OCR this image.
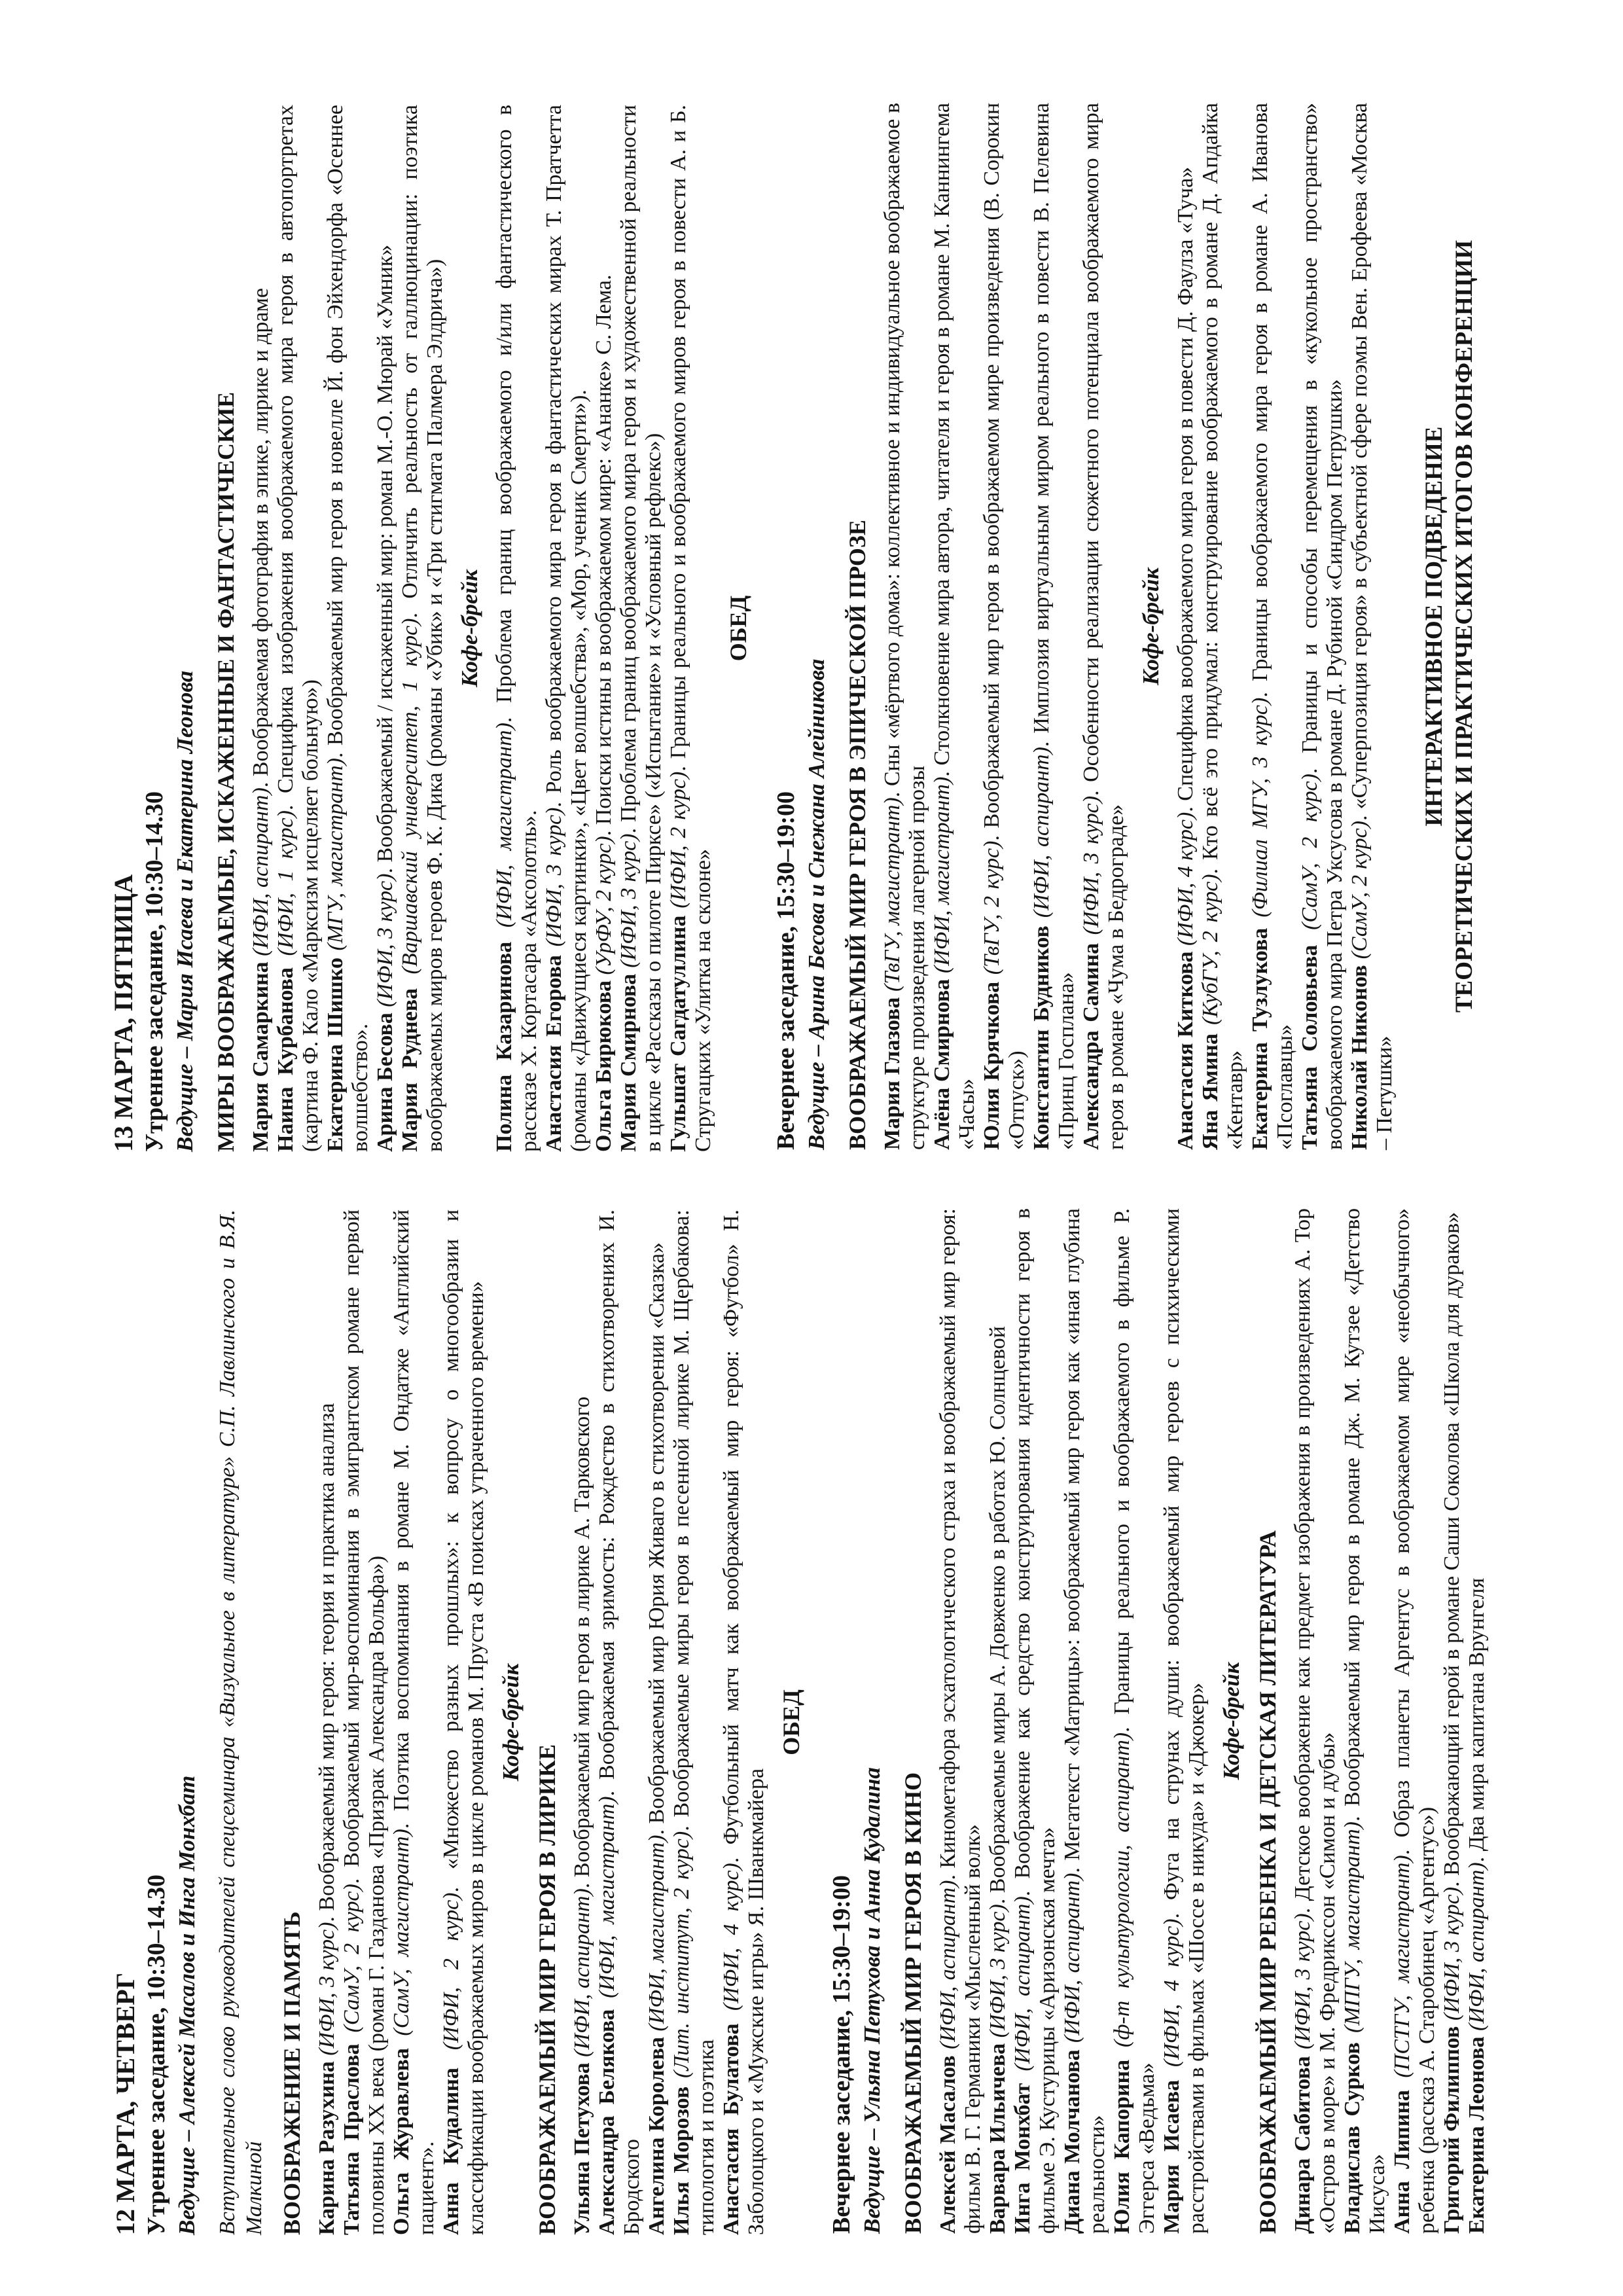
13 МАРТА, ПЯТНИЦА Утреннее заседание, 10:30–14.30 Ведущие – Мария Исаева и Екатерина Леонова МИРЫ ВООБРАЖАЕМЫЕ, ИСКАЖЕННЫЕ И ФАНТАСТИЧЕСКИЕ Мария Самаркина (ИФИ, аспирант). Воображаемая фотография в эпике, лирике и драме

Наина Курбанова (ИФИ, 1 курс). Специфика изображения воображаемого мира героя в автопортретах (картина Ф. Кало «Марксизм исцеляет больную») Екатерина Шишко (МГУ, магистрант). Воображаемый мир героя в новелле Й. фон Эйхендорфа «Осеннее волшебство». Арина Бесова (ИФИ, 3 курс). Воображаемый / искаженный мир: роман М.-О. Мюрай «Умник»

Мария Руднева (Варшавский университет, 1 курс). Отличить реальность от галлюцинации: поэтика воображаемых миров героев Ф. К. Дика (романы «Убик» и «Три стигмата Палмера Элдрича») Кофе-брейк

Полина Казаринова (ИФИ, магистрант). Проблема границ воображаемого и/или фантастического в рассказе Х. Кортасара «Аксолотль». Анастасия Егорова (ИФИ, 3 курс). Роль воображаемого мира героя в фантастических мирах Т. Пратчетта (романы «Движущиеся картинки», «Цвет волшебства», «Мор, ученик Смерти»). Ольга Бирюкова (УрФУ, 2 курс). Поиски истины в воображаемом мире: «Ананке» С. Лема.

Мария Смирнова (ИФИ, 3 курс). Проблема границ воображаемого мира героя и художественной реальности в цикле «Рассказы о пилоте Пирксе» («Испытание» и «Условный рефлекс») Гульшат Сагдатуллина (ИФИ, 2 курс). Границы реального и воображаемого миров героя в повести А. и Б. Стругацких «Улитка на склоне»

ОБЕД

Вечернее заседание, 15:30–19:00 Ведущие – Арина Бесова и Снежана Алейникова ВООБРАЖАЕМЫЙ МИР ГЕРОЯ В ЭПИЧЕСКОЙ ПРОЗЕ Мария Глазова (ТвГУ, магистрант). Сны «мёртвого дома»: коллективное и индивидуальное воображаемое в структуре произведения лагерной прозы Алёна Смирнова (ИФИ, магистрант). Столкновение мира автора, читателя и героя в романе М. Каннингема «Часы» Юлия Крячкова (ТвГУ, 2 курс). Воображаемый мир героя в воображаемом мире произведения (В. Сорокин «Отпуск») Константин Будников (ИФИ, аспирант). Имплозия виртуальным миром реального в повести В. Пелевина «Принц Госплана» Александра Самина (ИФИ, 3 курс). Особенности реализации сюжетного потенциала воображаемого мира героя в романе «Чума в Бедрограде»

Кофе-брейк

Анастасия Киткова (ИФИ, 4 курс). Специфика воображаемого мира героя в повести Д. Фаулза «Туча»

Яна Ямина (КубГУ, 2 курс). Кто всё это придумал: конструирование воображаемого в романе Д. Апдайка «Кентавр» Екатерина Тузлукова (Филиал МГУ, 3 курс). Границы воображаемого мира героя в романе А. Иванова «Псоглавцы» Татьяна Соловьева (СамУ, 2 курс). Границы и способы перемещения в «кукольное пространство» воображаемого мира Петра Уксусова в романе Д. Рубиной «Синдром Петрушки» Николай Никонов (СамУ, 2 курс). «Суперпозиция героя» в субъектной сфере поэмы Вен. Ерофеева «Москва – Петушки»

ИНТЕРАКТИВНОЕ ПОДВЕДЕНИЕ ТЕОРЕТИЧЕСКИХ И ПРАКТИЧЕСКИХ ИТОГОВ КОНФЕРЕНЦИИ

12 МАРТА, ЧЕТВЕРГ Утреннее заседание, 10:30–14.30 Ведущие – Алексей Масалов и Инга Монхбат Вступительное слово руководителей спецсеминара «Визуальное в литературе» С.П. Лавлинского и В.Я. Малкиной ВООБРАЖЕНИЕ И ПАМЯТЬ Карина Разухина (ИФИ, 3 курс). Воображаемый мир героя: теория и практика анализа

Татьяна Праслова (СамУ, 2 курс). Воображаемый мир-воспоминания в эмигрантском романе первой половины ХХ века (роман Г. Газданова «Призрак Александра Вольфа») Ольга Журавлева (СамУ, магистрант). Поэтика воспоминания в романе М. Ондатже «Английский пациент». Анна Кудалина (ИФИ, 2 курс). «Множество разных прошлых»: к вопросу о многообразии и классификации воображаемых миров в цикле романов М. Пруста «В поисках утраченного времени» Кофе-брейк

ВООБРАЖАЕМЫЙ МИР ГЕРОЯ В ЛИРИКЕ Ульяна Петухова (ИФИ, аспирант). Воображаемый мир героя в лирике А. Тарковского

Александра Белякова (ИФИ, магистрант). Воображаемая зримость: Рождество в стихотворениях И. Бродского Ангелина Королева (ИФИ, магистрант). Воображаемый мир Юрия Живаго в стихотворении «Сказка»

Илья Морозов (Лит. институт, 2 курс). Воображаемые миры героя в песенной лирике М. Щербакова: типология и поэтика Анастасия Булатова (ИФИ, 4 курс). Футбольный матч как воображаемый мир героя: «Футбол» Н. Заболоцкого и «Мужские игры» Я. Шванкмайера

ОБЕД

Вечернее заседание, 15:30–19:00 Ведущие – Ульяна Петухова и Анна Кудалина ВООБРАЖАЕМЫЙ МИР ГЕРОЯ В КИНО Алексей Масалов (ИФИ, аспирант). Кинометафора эсхатологического страха и воображаемый мир героя: фильм В. Г. Германики «Мысленный волк» Варвара Ильичева (ИФИ, 3 курс). Воображаемые миры А. Довженко в работах Ю. Солнцевой

Инга Монхбат (ИФИ, аспирант). Воображение как средство конструирования идентичности героя в фильме Э. Кустурицы «Аризонская мечта» Диана Молчанова (ИФИ, аспирант). Мегатекст «Матрицы»: воображаемый мир героя как «иная глубина реальности» Юлия Капорина (ф-т культурологии, аспирант). Границы реального и воображаемого в фильме Р. Эггерса «Ведьма» Мария Исаева (ИФИ, 4 курс). Фуга на струнах души: воображаемый мир героев с психическими расстройствами в фильмах «Шоссе в никуда» и «Джокер» Кофе-брейк ВООБРАЖАЕМЫЙ МИР РЕБЕНКА И ДЕТСКАЯ ЛИТЕРАТУРА Динара Сабитова (ИФИ, 3 курс). Детское воображение как предмет изображения в произведениях А. Тор «Остров в море» и М. Фредрикссон «Симон и дубы» Владислав Сурков (МПГУ, магистрант). Воображаемый мир героя в романе Дж. М. Кутзее «Детство Иисуса» Анна Липина (ПСТГУ, магистрант). Образ планеты Аргентус в воображаемом мире «необычного» ребенка (рассказ А. Старобинец «Аргентус») Григорий Филиппов (ИФИ, 3 курс). Воображающий герой в романе Саши Соколова «Школа для дураков»

Екатерина Леонова (ИФИ, аспирант). Два мира капитана Врунгеля
